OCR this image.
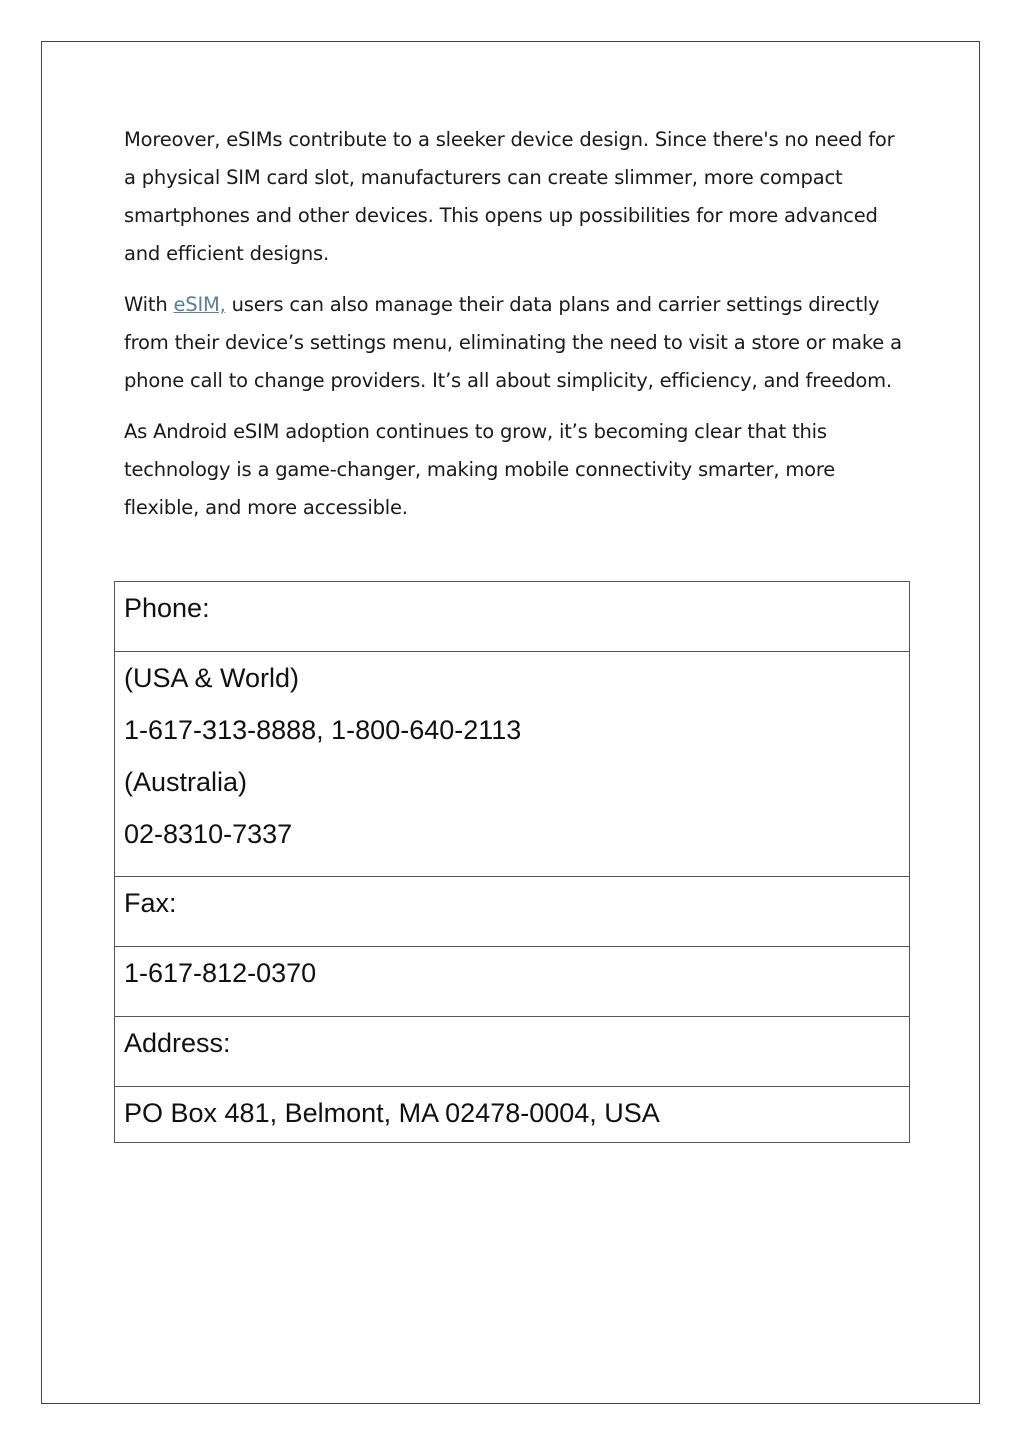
Moreover, eSIMs contribute to a sleeker device design. Since there's no need for a physical SIM card slot, manufacturers can create slimmer, more compact smartphones and other devices. This opens up possibilities for more advanced and efficient designs.

With eSIM, users can also manage their data plans and carrier settings directly from their device’s settings menu, eliminating the need to visit a store or make a phone call to change providers. It’s all about simplicity, efficiency, and freedom.

As Android eSIM adoption continues to grow, it’s becoming clear that this technology is a game-changer, making mobile connectivity smarter, more flexible, and more accessible.

Phone:

(USA & World)
1-617-313-8888, 1-800-640-2113
(Australia)
02-8310-7337

Fax:

1-617-812-0370

Address:

PO Box 481, Belmont, MA 02478-0004, USA
